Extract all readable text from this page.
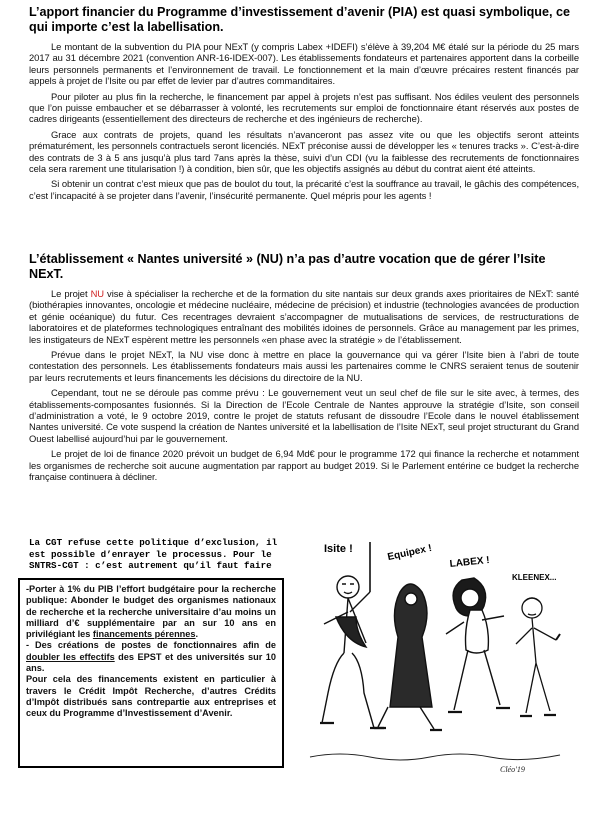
L’apport financier du Programme d’investissement d’avenir (PIA) est quasi symbolique, ce qui importe c’est la labellisation.

Le montant de la subvention du PIA pour NExT (y compris Labex +IDEFI) s’élève à 39,204 M€ étalé sur la période du 25 mars 2017 au 31 décembre 2021 (convention ANR-16-IDEX-007). Les établissements fondateurs et partenaires apportent dans la corbeille leurs personnels permanents et l’environnement de travail. Le fonctionnement et la main d’œuvre précaires restent financés par appels à projet de l’Isite ou par effet de levier par d’autres commanditaires.

Pour piloter au plus fin la recherche, le financement par appel à projets n’est pas suffisant. Nos édiles veulent des personnels que l’on puisse embaucher et se débarrasser à volonté, les recrutements sur emploi de fonctionnaire étant réservés aux postes de cadres dirigeants (essentiellement des directeurs de recherche et des ingénieurs de recherche).

Grace aux contrats de projets, quand les résultats n’avanceront pas assez vite ou que les objectifs seront atteints prématurément, les personnels contractuels seront licenciés. NExT préconise aussi de développer les « tenures tracks ». C’est-à-dire des contrats de 3 à 5 ans jusqu’à plus tard 7ans après la thèse, suivi d’un CDI (vu la faiblesse des recrutements de fonctionnaires cela sera rarement une titularisation !) à condition, bien sûr, que les objectifs assignés au début du contrat aient été atteints.

Si obtenir un contrat c’est mieux que pas de boulot du tout, la précarité c’est la souffrance au travail, le gâchis des compétences, c’est l’incapacité à se projeter dans l’avenir, l’insécurité permanente. Quel mépris pour les agents !

L’établissement « Nantes université » (NU) n’a pas d’autre vocation que de gérer l’Isite NExT.

Le projet NU vise à spécialiser la recherche et de la formation du site nantais sur deux grands axes prioritaires de NExT: santé (biothérapies innovantes, oncologie et médecine nucléaire, médecine de précision) et industrie (technologies avancées de production et génie océanique) du futur. Ces recentrages devraient s’accompagner de mutualisations de services, de restructurations de laboratoires et de plateformes technologiques entraînant des mobilités idoines de personnels. Grâce au management par les primes, les instigateurs de NExT espèrent mettre les personnels «en phase avec la stratégie » de l’établissement.

Prévue dans le projet NExT, la NU vise donc à mettre en place la gouvernance qui va gérer l’Isite bien à l’abri de toute contestation des personnels. Les établissements fondateurs mais aussi les partenaires comme le CNRS seraient tenus de soutenir par leurs recrutements et leurs financements les décisions du directoire de la NU.

Cependant, tout ne se déroule pas comme prévu : Le gouvernement veut un seul chef de file sur le site avec, à termes, des établissements-composantes fusionnés. Si la Direction de l’Ecole Centrale de Nantes approuve la stratégie d’Isite, son conseil d’administration a voté, le 9 octobre 2019, contre le projet de statuts refusant de dissoudre l’Ecole dans le nouvel établissement Nantes université. Ce vote suspend la création de Nantes université et la labellisation de l’Isite NExT, seul projet structurant du Grand Ouest labellisé aujourd’hui par le gouvernement.

Le projet de loi de finance 2020 prévoit un budget de 6,94 Md€ pour le programme 172 qui finance la recherche et notamment les organismes de recherche soit aucune augmentation par rapport au budget 2019. Si le Parlement entérine ce budget la recherche française continuera à décliner.

La CGT refuse cette politique d’exclusion, il est possible d’enrayer le processus. Pour le SNTRS-CGT : c’est autrement qu’il faut faire

-Porter à 1% du PIB l’effort budgétaire pour la recherche publique: Abonder le budget des organismes nationaux de recherche et la recherche universitaire d’au moins un milliard d’€ supplémentaire par an sur 10 ans en privilégiant les financements pérennes.

- Des créations de postes de fonctionnaires afin de doubler les effectifs des EPST et des universités sur 10 ans.

Pour cela des financements existent en particulier à travers le Crédit Impôt Recherche, d’autres Crédits d’Impôt distribués sans contrepartie aux entreprises et ceux du Programme d’Investissement d’Avenir.

Isite !	Equipex ! LABEX !
KLEENEX...
Cléo'19
